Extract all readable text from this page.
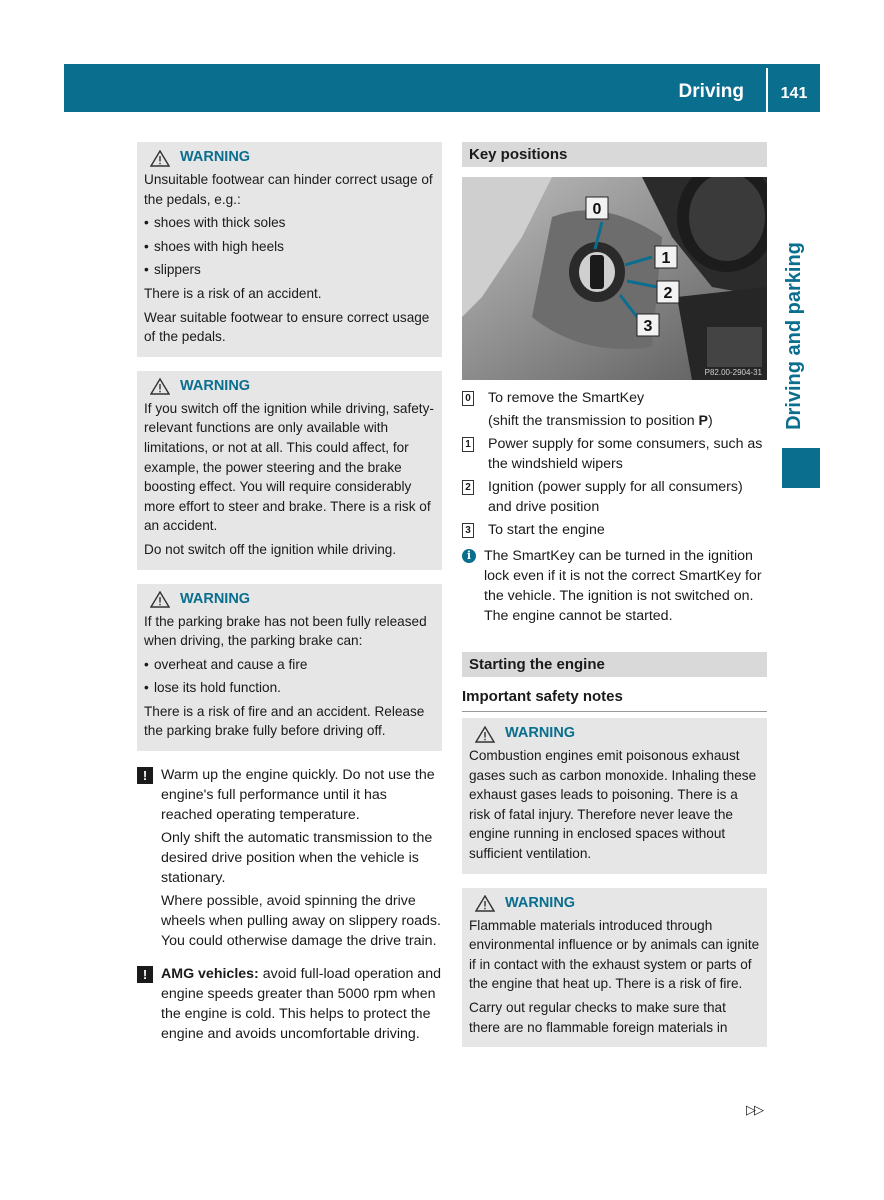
Driving	141
Driving and parking
WARNING

Unsuitable footwear can hinder correct usage of the pedals, e.g.:

• shoes with thick soles
• shoes with high heels
• slippers

There is a risk of an accident.

Wear suitable footwear to ensure correct usage of the pedals.

WARNING

If you switch off the ignition while driving, safety-relevant functions are only available with limitations, or not at all. This could affect, for example, the power steering and the brake boosting effect. You will require considerably more effort to steer and brake. There is a risk of an accident.

Do not switch off the ignition while driving.

WARNING

If the parking brake has not been fully released when driving, the parking brake can:

• overheat and cause a fire
• lose its hold function.

There is a risk of fire and an accident. Release the parking brake fully before driving off.

! Warm up the engine quickly. Do not use the engine's full performance until it has reached operating temperature.

Only shift the automatic transmission to the desired drive position when the vehicle is stationary.

Where possible, avoid spinning the drive wheels when pulling away on slippery roads. You could otherwise damage the drive train.

! AMG vehicles: avoid full-load operation and engine speeds greater than 5000 rpm when the engine is cold. This helps to protect the engine and avoids uncomfortable driving.

Key positions
0
1
2
3
P82.00-2904-31
0 To remove the SmartKey
(shift the transmission to position P)
1 Power supply for some consumers, such as the windshield wipers
2 Ignition (power supply for all consumers) and drive position
3 To start the engine
i The SmartKey can be turned in the ignition lock even if it is not the correct SmartKey for the vehicle. The ignition is not switched on. The engine cannot be started.
Starting the engine
Important safety notes
WARNING

Combustion engines emit poisonous exhaust gases such as carbon monoxide. Inhaling these exhaust gases leads to poisoning. There is a risk of fatal injury. Therefore never leave the engine running in enclosed spaces without sufficient ventilation.

WARNING

Flammable materials introduced through environmental influence or by animals can ignite if in contact with the exhaust system or parts of the engine that heat up. There is a risk of fire.

Carry out regular checks to make sure that there are no flammable foreign materials in

▷▷
